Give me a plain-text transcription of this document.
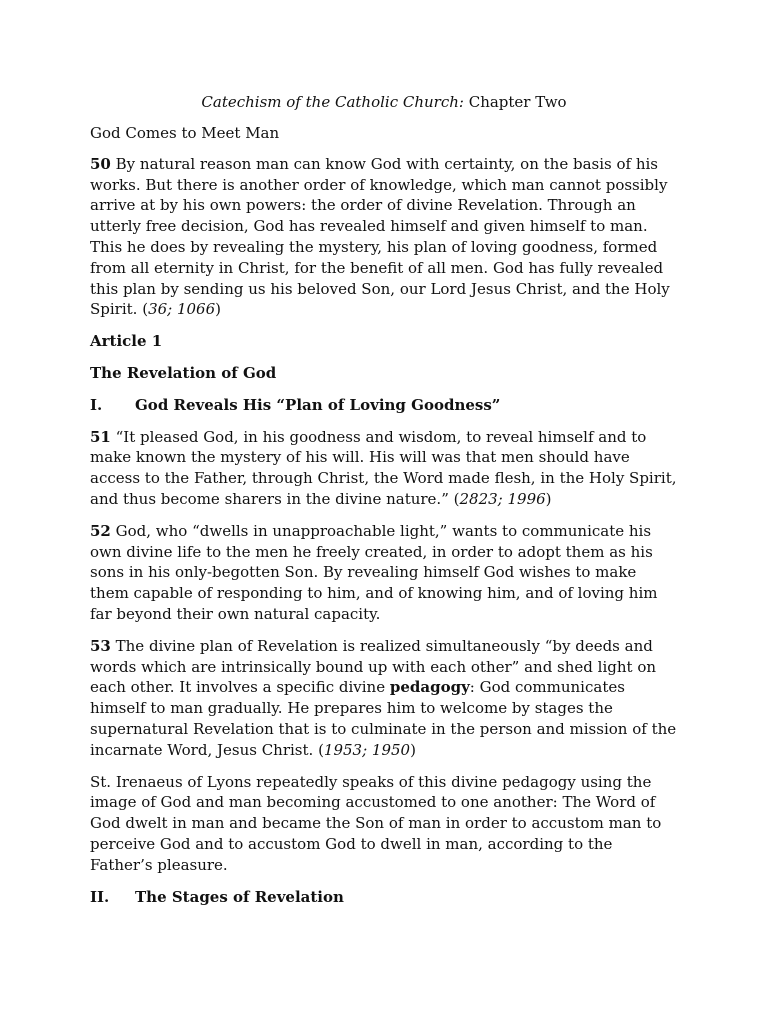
Catechism of the Catholic Church: Chapter Two

God Comes to Meet Man

50 By natural reason man can know God with certainty, on the basis of his works. But there is another order of knowledge, which man cannot possibly arrive at by his own powers: the order of divine Revelation. Through an utterly free decision, God has revealed himself and given himself to man. This he does by revealing the mystery, his plan of loving goodness, formed from all eternity in Christ, for the benefit of all men. God has fully revealed this plan by sending us his beloved Son, our Lord Jesus Christ, and the Holy Spirit. (36; 1066)

Article 1
The Revelation of God
I.	God Reveals His “Plan of Loving Goodness”

51 “It pleased God, in his goodness and wisdom, to reveal himself and to make known the mystery of his will. His will was that men should have access to the Father, through Christ, the Word made flesh, in the Holy Spirit, and thus become sharers in the divine nature.” (2823; 1996)

52 God, who “dwells in unapproachable light,” wants to communicate his own divine life to the men he freely created, in order to adopt them as his sons in his only-begotten Son. By revealing himself God wishes to make them capable of responding to him, and of knowing him, and of loving him far beyond their own natural capacity.

53 The divine plan of Revelation is realized simultaneously “by deeds and words which are intrinsically bound up with each other” and shed light on each other. It involves a specific divine pedagogy: God communicates himself to man gradually. He prepares him to welcome by stages the supernatural Revelation that is to culminate in the person and mission of the incarnate Word, Jesus Christ. (1953; 1950)

St. Irenaeus of Lyons repeatedly speaks of this divine pedagogy using the image of God and man becoming accustomed to one another: The Word of God dwelt in man and became the Son of man in order to accustom man to perceive God and to accustom God to dwell in man, according to the Father’s pleasure.

II.	The Stages of Revelation
